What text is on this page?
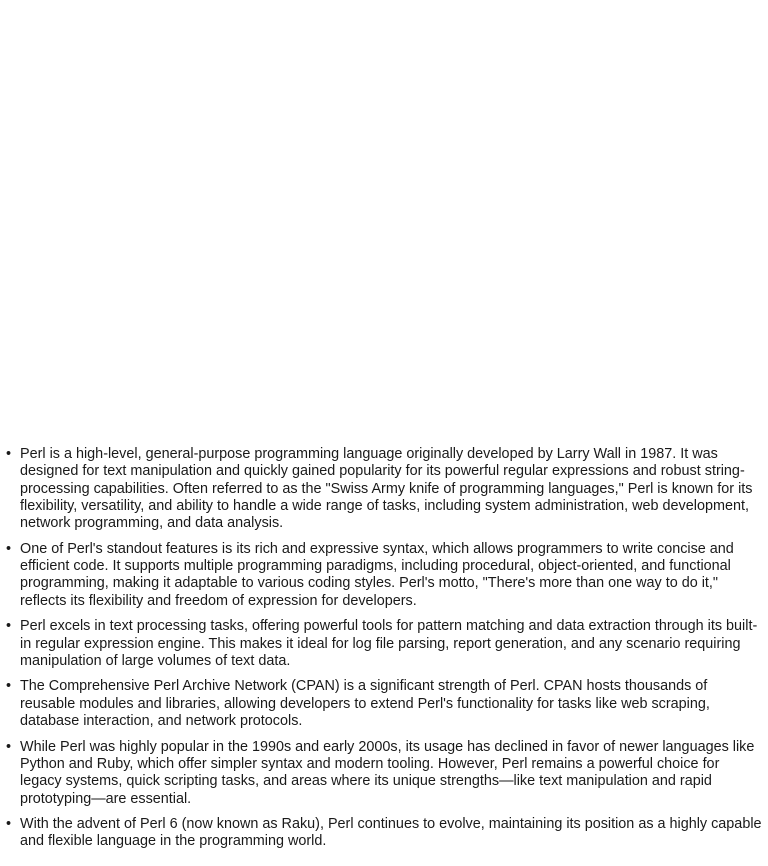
• Perl is a high-level, general-purpose programming language originally developed by Larry Wall in 1987. It was designed for text manipulation and quickly gained popularity for its powerful regular expressions and robust string-processing capabilities. Often referred to as the "Swiss Army knife of programming languages," Perl is known for its flexibility, versatility, and ability to handle a wide range of tasks, including system administration, web development, network programming, and data analysis.
• One of Perl's standout features is its rich and expressive syntax, which allows programmers to write concise and efficient code. It supports multiple programming paradigms, including procedural, object-oriented, and functional programming, making it adaptable to various coding styles. Perl's motto, "There's more than one way to do it," reflects its flexibility and freedom of expression for developers.
• Perl excels in text processing tasks, offering powerful tools for pattern matching and data extraction through its built-in regular expression engine. This makes it ideal for log file parsing, report generation, and any scenario requiring manipulation of large volumes of text data.
• The Comprehensive Perl Archive Network (CPAN) is a significant strength of Perl. CPAN hosts thousands of reusable modules and libraries, allowing developers to extend Perl's functionality for tasks like web scraping, database interaction, and network protocols.
• While Perl was highly popular in the 1990s and early 2000s, its usage has declined in favor of newer languages like Python and Ruby, which offer simpler syntax and modern tooling. However, Perl remains a powerful choice for legacy systems, quick scripting tasks, and areas where its unique strengths—like text manipulation and rapid prototyping—are essential.
• With the advent of Perl 6 (now known as Raku), Perl continues to evolve, maintaining its position as a highly capable and flexible language in the programming world.
